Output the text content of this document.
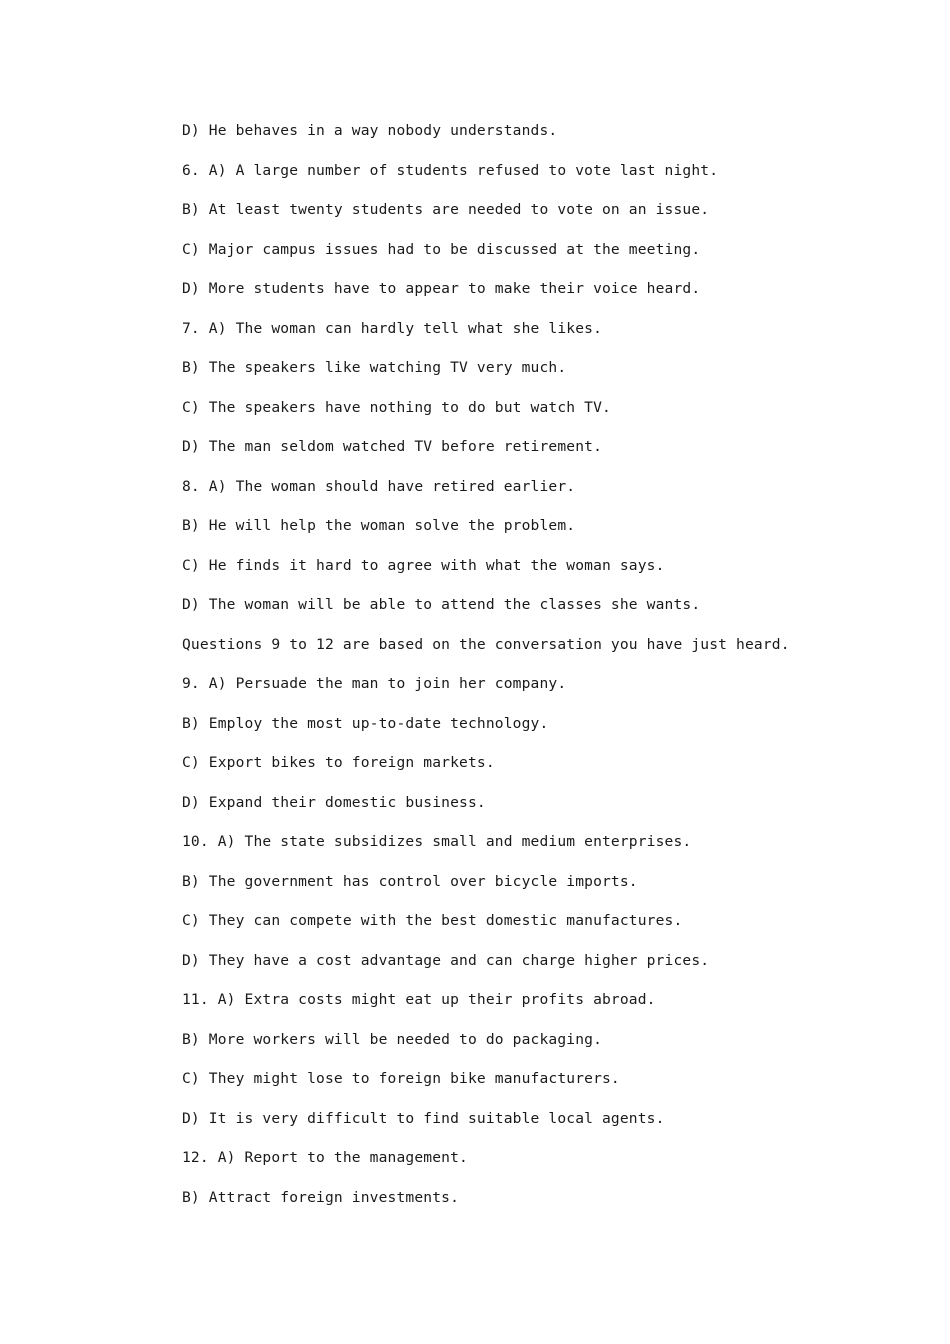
D) He behaves in a way nobody understands.
6. A) A large number of students refused to vote last night.
B) At least twenty students are needed to vote on an issue.
C) Major campus issues had to be discussed at the meeting.
D) More students have to appear to make their voice heard.
7. A) The woman can hardly tell what she likes.
B) The speakers like watching TV very much.
C) The speakers have nothing to do but watch TV.
D) The man seldom watched TV before retirement.
8. A) The woman should have retired earlier.
B) He will help the woman solve the problem.
C) He finds it hard to agree with what the woman says.
D) The woman will be able to attend the classes she wants.
Questions 9 to 12 are based on the conversation you have just heard.
9. A) Persuade the man to join her company.
B) Employ the most up-to-date technology.
C) Export bikes to foreign markets.
D) Expand their domestic business.
10. A) The state subsidizes small and medium enterprises.
B) The government has control over bicycle imports.
C) They can compete with the best domestic manufactures.
D) They have a cost advantage and can charge higher prices.
11. A) Extra costs might eat up their profits abroad.
B) More workers will be needed to do packaging.
C) They might lose to foreign bike manufacturers.
D) It is very difficult to find suitable local agents.
12. A) Report to the management.
B) Attract foreign investments.
